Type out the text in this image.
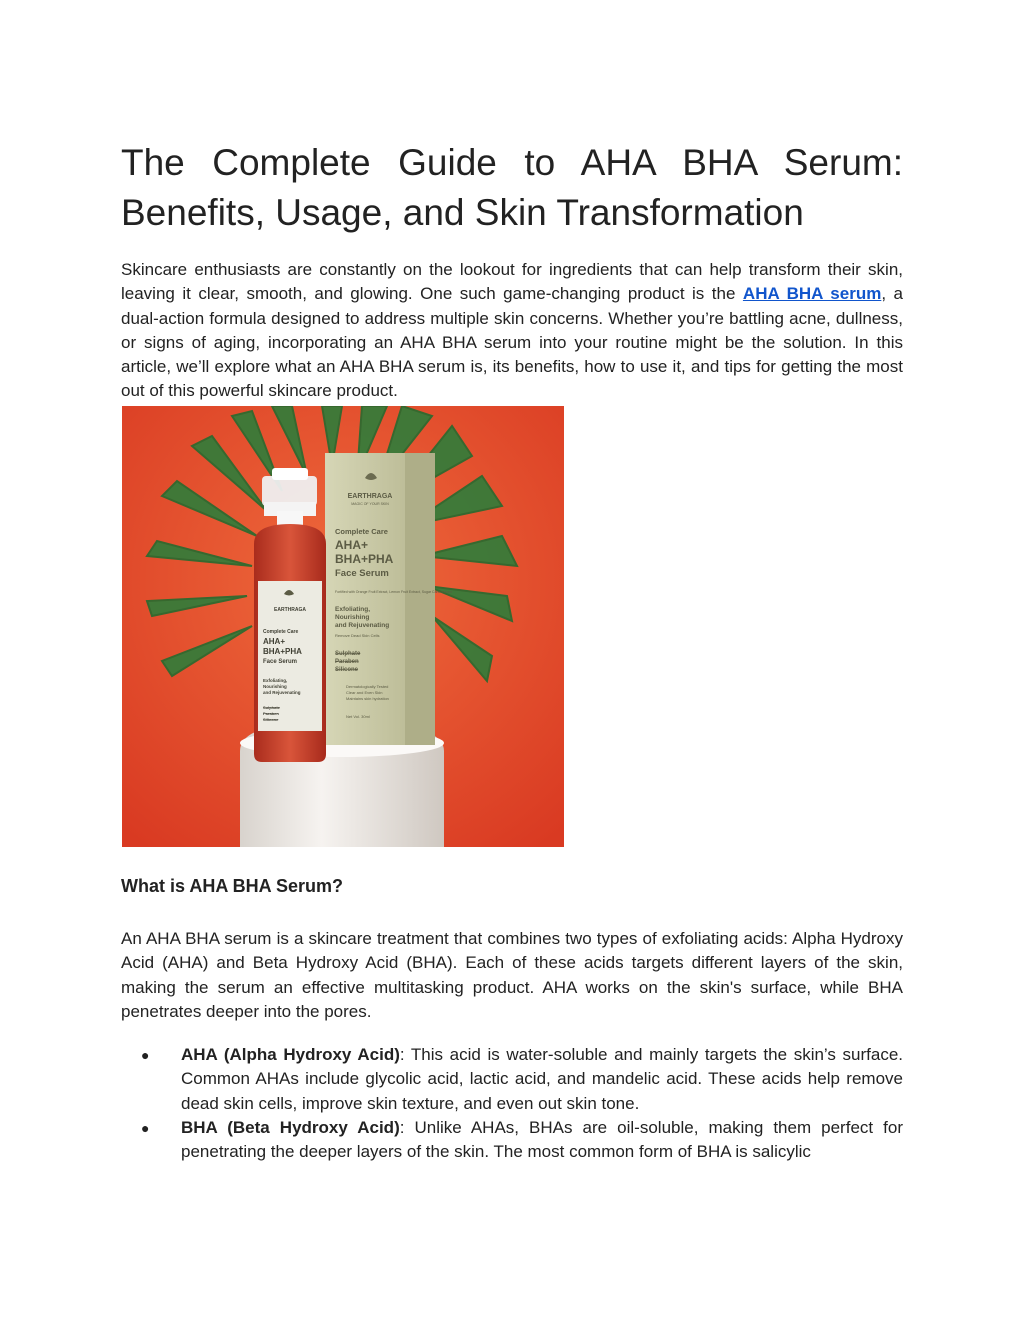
The Complete Guide to AHA BHA Serum: Benefits, Usage, and Skin Transformation

Skincare enthusiasts are constantly on the lookout for ingredients that can help transform their skin, leaving it clear, smooth, and glowing. One such game-changing product is the AHA BHA serum, a dual-action formula designed to address multiple skin concerns. Whether you’re battling acne, dullness, or signs of aging, incorporating an AHA BHA serum into your routine might be the solution. In this article, we’ll explore what an AHA BHA serum is, its benefits, how to use it, and tips for getting the most out of this powerful skincare product.

EARTHRAGA
MAGIC OF YOUR SKIN
Complete Care
AHA+
BHA+PHA
Face Serum
Fortified with Orange Fruit Extract, Lemon Fruit Extract, Sugar Cane extract
Exfoliating,
Nourishing
and Rejuvenating
Remove Dead Skin Cells
Sulphate
Paraben
Silicone
Dermatologically Tested
Clear and Even Skin
Maintains skin hydration
Net Vol. 30ml
EARTHRAGA
Complete Care
AHA+
BHA+PHA
Face Serum
Exfoliating,
Nourishing
and Rejuvenating
Sulphate
Paraben
Silicone
What is AHA BHA Serum?

An AHA BHA serum is a skincare treatment that combines two types of exfoliating acids: Alpha Hydroxy Acid (AHA) and Beta Hydroxy Acid (BHA). Each of these acids targets different layers of the skin, making the serum an effective multitasking product. AHA works on the skin's surface, while BHA penetrates deeper into the pores.

● AHA (Alpha Hydroxy Acid): This acid is water-soluble and mainly targets the skin’s surface. Common AHAs include glycolic acid, lactic acid, and mandelic acid. These acids help remove dead skin cells, improve skin texture, and even out skin tone.
● BHA (Beta Hydroxy Acid): Unlike AHAs, BHAs are oil-soluble, making them perfect for penetrating the deeper layers of the skin. The most common form of BHA is salicylic
